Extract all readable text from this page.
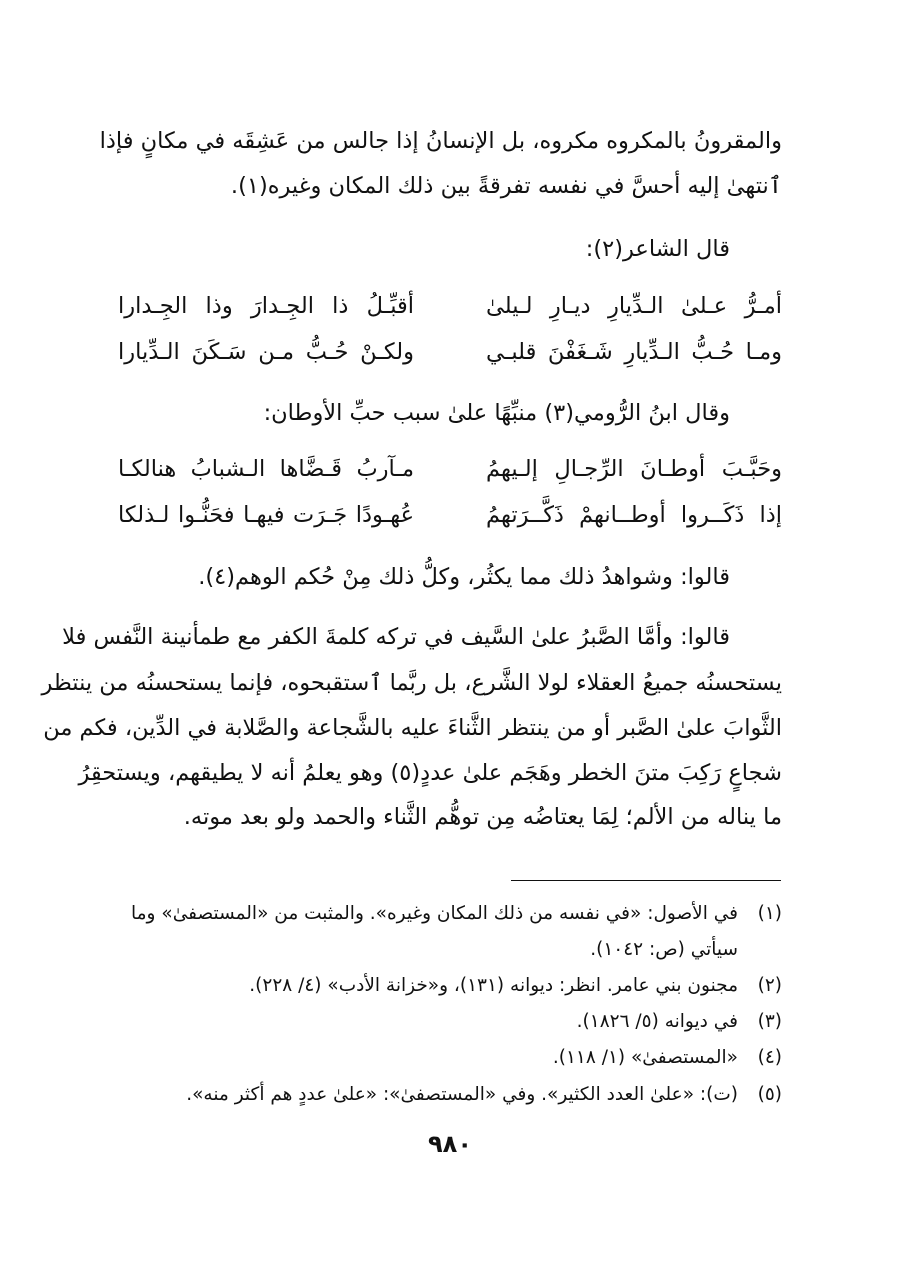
والمقرونُ بالمكروه مكروه، بل الإنسانُ إذا جالس من عَشِقَه في مكانٍ فإذا
ٱنتهىٰ إليه أحسَّ في نفسه تفرقةً بين ذلك المكان وغيره(١).
قال الشاعر(٢):
أمـرُّ عـلىٰ الـدِّيارِ ديـارِ لـيلىٰ
أقبِّـلُ ذا الجِـدارَ وذا الجِـدارا
ومـا حُـبُّ الـدِّيارِ شَـغَفْنَ قلبـي
ولكـنْ حُـبُّ مـن سَـكَنَ الـدِّيارا
وقال ابنُ الرُّومي(٣) منبِّهًا علىٰ سبب حبِّ الأوطان:
وحَبَّـبَ أوطـانَ الرِّجـالِ إلـيهمُ
مـآربُ قَـضَّاها الـشبابُ هنالكـا
إذا ذَكَــروا أوطــانهمْ ذَكَّــرَتهمُ
عُهـودًا جَـرَت فيهـا فحَنُّـوا لـذلكا
قالوا: وشواهدُ ذلك مما يكثُر، وكلُّ ذلك مِنْ حُكم الوهم(٤).
قالوا: وأمَّا الصَّبرُ علىٰ السَّيف في تركه كلمةَ الكفر مع طمأنينة النَّفس فلا
يستحسنُه جميعُ العقلاء لولا الشَّرع، بل ربَّما ٱستقبحوه، فإنما يستحسنُه من ينتظر
الثَّوابَ علىٰ الصَّبر أو من ينتظر الثَّناءَ عليه بالشَّجاعة والصَّلابة في الدِّين، فكم من
شجاعٍ رَكِبَ متنَ الخطر وهَجَم علىٰ عددٍ(٥) وهو يعلمُ أنه لا يطيقهم، ويستحقِرُ
ما يناله من الألم؛ لِمَا يعتاضُه مِن توهُّم الثَّناء والحمد ولو بعد موته.
(١)في الأصول: «في نفسه من ذلك المكان وغيره». والمثبت من «المستصفىٰ» وما
سيأتي (ص: ١٠٤٢).
(٢)مجنون بني عامر. انظر: ديوانه (١٣١)، و«خزانة الأدب» (٤/ ٢٢٨).
(٣)في ديوانه (٥/ ١٨٢٦).
(٤)«المستصفىٰ» (١/ ١١٨).
(٥)(ت): «علىٰ العدد الكثير». وفي «المستصفىٰ»: «علىٰ عددٍ هم أكثر منه».
٩٨٠
